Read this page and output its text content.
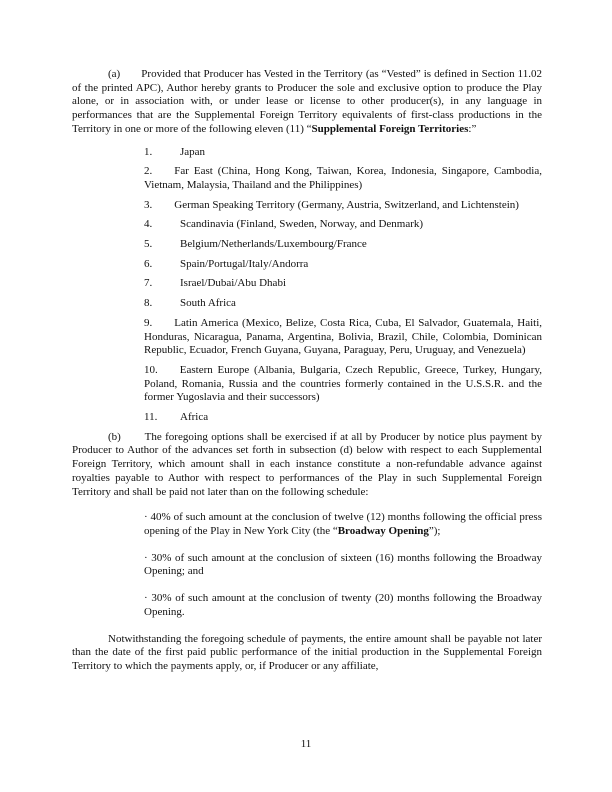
(a) Provided that Producer has Vested in the Territory (as “Vested” is defined in Section 11.02 of the printed APC), Author hereby grants to Producer the sole and exclusive option to produce the Play alone, or in association with, or under lease or license to other producer(s), in any language in performances that are the Supplemental Foreign Territory equivalents of first-class productions in the Territory in one or more of the following eleven (11) “Supplemental Foreign Territories:”

1.	Japan

2. Far East (China, Hong Kong, Taiwan, Korea, Indonesia, Singapore, Cambodia, Vietnam, Malaysia, Thailand and the Philippines)

3. German Speaking Territory (Germany, Austria, Switzerland, and Lichtenstein)

4.	Scandinavia (Finland, Sweden, Norway, and Denmark)

5.	Belgium/Netherlands/Luxembourg/France

6.	Spain/Portugal/Italy/Andorra

7.	Israel/Dubai/Abu Dhabi

8.	South Africa

9. Latin America (Mexico, Belize, Costa Rica, Cuba, El Salvador, Guatemala, Haiti, Honduras, Nicaragua, Panama, Argentina, Bolivia, Brazil, Chile, Colombia, Dominican Republic, Ecuador, French Guyana, Guyana, Paraguay, Peru, Uruguay, and Venezuela)

10. Eastern Europe (Albania, Bulgaria, Czech Republic, Greece, Turkey, Hungary, Poland, Romania, Russia and the countries formerly contained in the U.S.S.R. and the former Yugoslavia and their successors)

11. Africa

(b) The foregoing options shall be exercised if at all by Producer by notice plus payment by Producer to Author of the advances set forth in subsection (d) below with respect to each Supplemental Foreign Territory, which amount shall in each instance constitute a non-refundable advance against royalties payable to Author with respect to performances of the Play in such Supplemental Foreign Territory and shall be paid not later than on the following schedule:

· 40% of such amount at the conclusion of twelve (12) months following the official press opening of the Play in New York City (the “Broadway Opening”);

· 30% of such amount at the conclusion of sixteen (16) months following the Broadway Opening; and

· 30% of such amount at the conclusion of twenty (20) months following the Broadway Opening.

Notwithstanding the foregoing schedule of payments, the entire amount shall be payable not later than the date of the first paid public performance of the initial production in the Supplemental Foreign Territory to which the payments apply, or, if Producer or any affiliate,

11
